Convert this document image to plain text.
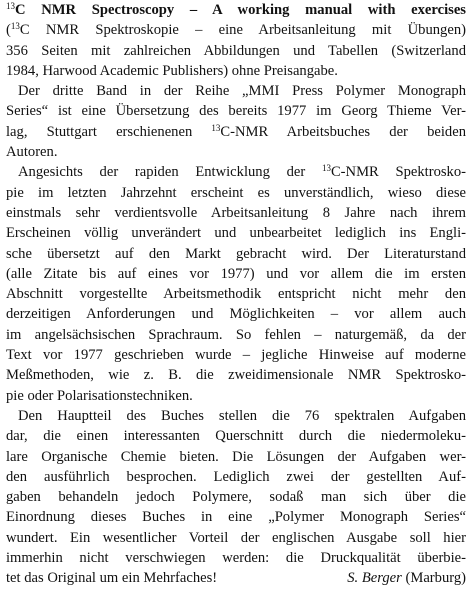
$^{13}$C NMR Spectroscopy – A working manual with exercises
($^{13}$C NMR Spektroskopie – eine Arbeitsanleitung mit Übungen)
356 Seiten mit zahlreichen Abbildungen und Tabellen (Switzerland
1984, Harwood Academic Publishers) ohne Preisangabe.
Der dritte Band in der Reihe „MMI Press Polymer Monograph
Series“ ist eine Übersetzung des bereits 1977 im Georg Thieme Ver-
lag, Stuttgart erschienenen $^{13}$C-NMR Arbeitsbuches der beiden
Autoren.
Angesichts der rapiden Entwicklung der $^{13}$C-NMR Spektrosko-
pie im letzten Jahrzehnt erscheint es unverständlich, wieso diese
einstmals sehr verdientsvolle Arbeitsanleitung 8 Jahre nach ihrem
Erscheinen völlig unverändert und unbearbeitet lediglich ins Engli-
sche übersetzt auf den Markt gebracht wird. Der Literaturstand
(alle Zitate bis auf eines vor 1977) und vor allem die im ersten
Abschnitt vorgestellte Arbeitsmethodik entspricht nicht mehr den
derzeitigen Anforderungen und Möglichkeiten – vor allem auch
im angelsächsischen Sprachraum. So fehlen – naturgemäß, da der
Text vor 1977 geschrieben wurde – jegliche Hinweise auf moderne
Meßmethoden, wie z. B. die zweidimensionale NMR Spektrosko-
pie oder Polarisationstechniken.
Den Hauptteil des Buches stellen die 76 spektralen Aufgaben
dar, die einen interessanten Querschnitt durch die niedermoleku-
lare Organische Chemie bieten. Die Lösungen der Aufgaben wer-
den ausführlich besprochen. Lediglich zwei der gestellten Auf-
gaben behandeln jedoch Polymere, sodaß man sich über die
Einordnung dieses Buches in eine „Polymer Monograph Series“
wundert. Ein wesentlicher Vorteil der englischen Ausgabe soll hier
immerhin nicht verschwiegen werden: die Druckqualität überbie-
tet das Original um ein Mehrfaches!	S. Berger (Marburg)
